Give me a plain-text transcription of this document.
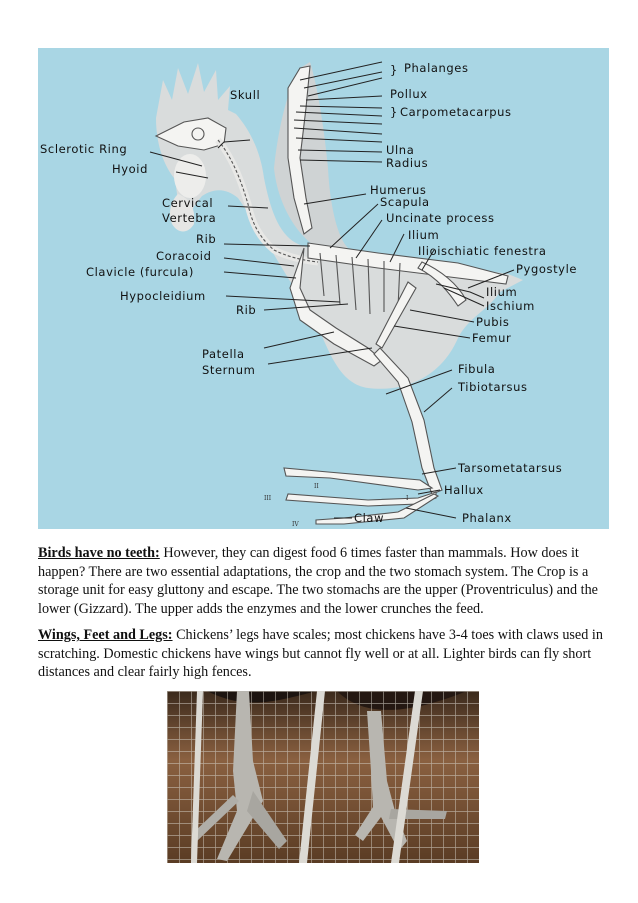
} Phalanges
Pollux
} Carpometacarpus
Ulna
Radius
Humerus
Scapula
Uncinate process
Ilium
Ilioischiatic fenestra
Pygostyle
Ilium
Ischium
Pubis
Femur
Fibula
Tibiotarsus
Tarsometatarsus
Hallux
Phalanx
Claw
Skull
Sclerotic Ring
Hyoid
Cervical
Vertebra
Rib
Coracoid
Clavicle (furcula)
Hypocleidium
Rib
Patella
Sternum
II
III
IV
I

Birds have no teeth: However, they can digest food 6 times faster than mammals. How does it happen? There are two essential adaptations, the crop and the two stomach system. The Crop is a storage unit for easy gluttony and escape. The two stomachs are the upper (Proventriculus) and the lower (Gizzard). The upper adds the enzymes and the lower crunches the feed.

Wings, Feet and Legs: Chickens’ legs have scales; most chickens have 3-4 toes with claws used in scratching. Domestic chickens have wings but cannot fly well or at all. Lighter birds can fly short distances and clear fairly high fences.
